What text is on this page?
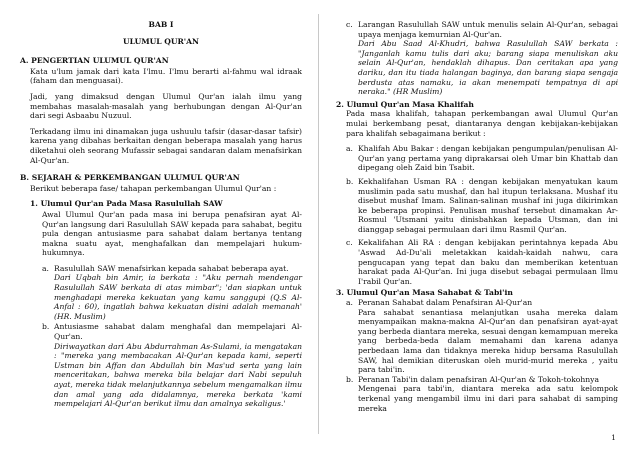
BAB I
ULUMUL QUR'AN
A. PENGERTIAN ULUMUL QUR'AN
Kata u'lum jamak dari kata I'lmu. I'lmu berarti al-fahmu wal idraak (faham dan menguasai).
Jadi, yang dimaksud dengan Ulumul Qur'an ialah ilmu yang membahas masalah-masalah yang berhubungan dengan Al-Qur'an dari segi Asbaabu Nuzuul.
Terkadang ilmu ini dinamakan juga ushuulu tafsir (dasar-dasar tafsir) karena yang dibahas berkaitan dengan beberapa masalah yang harus diketahui oleh seorang Mufassir sebagai sandaran dalam menafsirkan Al-Qur'an.
B. SEJARAH & PERKEMBANGAN ULUMUL QUR'AN
Berikut beberapa fase/ tahapan perkembangan Ulumul Qur'an :
1. Ulumul Qur'an Pada Masa Rasulullah SAW
Awal Ulumul Qur'an pada masa ini berupa penafsiran ayat Al-Qur'an langsung dari Rasulullah SAW kepada para sahabat, begitu pula dengan antusiasme para sahabat dalam bertanya tentang makna suatu ayat, menghafalkan dan mempelajari hukum-hukumnya.
a. Rasulullah SAW menafsirkan kepada sahabat beberapa ayat.
Dari Uqbah bin Amir, ia berkata : "Aku pernah mendengar Rasulullah SAW berkata di atas mimbar"; 'dan siapkan untuk menghadapi mereka kekuatan yang kamu sanggupi (Q.S Al-Anfal : 60), ingatlah bahwa kekuatan disini adalah memanah' (HR. Muslim)
b. Antusiasme sahabat dalam menghafal dan mempelajari Al-Qur'an.
Diriwayatkan dari Abu Abdurrahman As-Sulami, ia mengatakan : "mereka yang membacakan Al-Qur'an kepada kami, seperti Ustman bin Affan dan Abdullah bin Mas'ud serta yang lain menceritakan, bahwa mereka bila belajar dari Nabi sepuluh ayat, mereka tidak melanjutkannya sebelum mengamalkan ilmu dan amal yang ada didalamnya, mereka berkata 'kami mempelajari Al-Qur'an berikut ilmu dan amalnya sekaligus.'
c. Larangan Rasulullah SAW untuk menulis selain Al-Qur'an, sebagai upaya menjaga kemurnian Al-Qur'an.
Dari Abu Saad Al-Khudri, bahwa Rasulullah SAW berkata : "Janganlah kamu tulis dari aku; barang siapa menuliskan aku selain Al-Qur'an, hendaklah dihapus. Dan ceritakan apa yang dariku, dan itu tiada halangan baginya, dan barang siapa sengaja berdusta atas namaku, ia akan menempati tempatnya di api neraka." (HR Muslim)
2. Ulumul Qur'an Masa Khalifah
Pada masa khalifah, tahapan perkembangan awal Ulumul Qur'an mulai berkembang pesat, diantaranya dengan kebijakan-kebijakan para khalifah sebagaimana berikut :
a. Khalifah Abu Bakar : dengan kebijakan pengumpulan/penulisan Al-Qur'an yang pertama yang diprakarsai oleh Umar bin Khattab dan dipegang oleh Zaid bin Tsabit.
b. Kekhalifahan Usman RA : dengan kebijakan menyatukan kaum muslimin pada satu mushaf, dan hal itupun terlaksana. Mushaf itu disebut mushaf Imam. Salinan-salinan mushaf ini juga dikirimkan ke beberapa propinsi. Penulisan mushaf tersebut dinamakan Ar-Rosmul 'Utsmani yaitu dinisbahkan kepada Utsman, dan ini dianggap sebagai permulaan dari ilmu Rasmil Qur'an.
c. Kekalifahan Ali RA : dengan kebijakan perintahnya kepada Abu 'Aswad Ad-Du'ali meletakkan kaidah-kaidah nahwu, cara pengucapan yang tepat dan baku dan memberikan ketentuan harakat pada Al-Qur'an. Ini juga disebut sebagai permulaan Ilmu I'rabil Qur'an.
3. Ulumul Qur'an Masa Sahabat & Tabi'in
a. Peranan Sahabat dalam Penafsiran Al-Qur'an
Para sahabat senantiasa melanjutkan usaha mereka dalam menyampaikan makna-makna Al-Qur'an dan penafsiran ayat-ayat yang berbeda diantara mereka, sesuai dengan kemampuan mereka yang berbeda-beda dalam memahami dan karena adanya perbedaan lama dan tidaknya mereka hidup bersama Rasulullah SAW, hal demikian diteruskan oleh murid-murid mereka , yaitu para tabi'in.
b. Peranan Tabi'in dalam penafsiran Al-Qur'an & Tokoh-tokohnya
Mengenai para tabi'in, diantara mereka ada satu kelompok terkenal yang mengambil ilmu ini dari para sahabat di samping mereka
1
